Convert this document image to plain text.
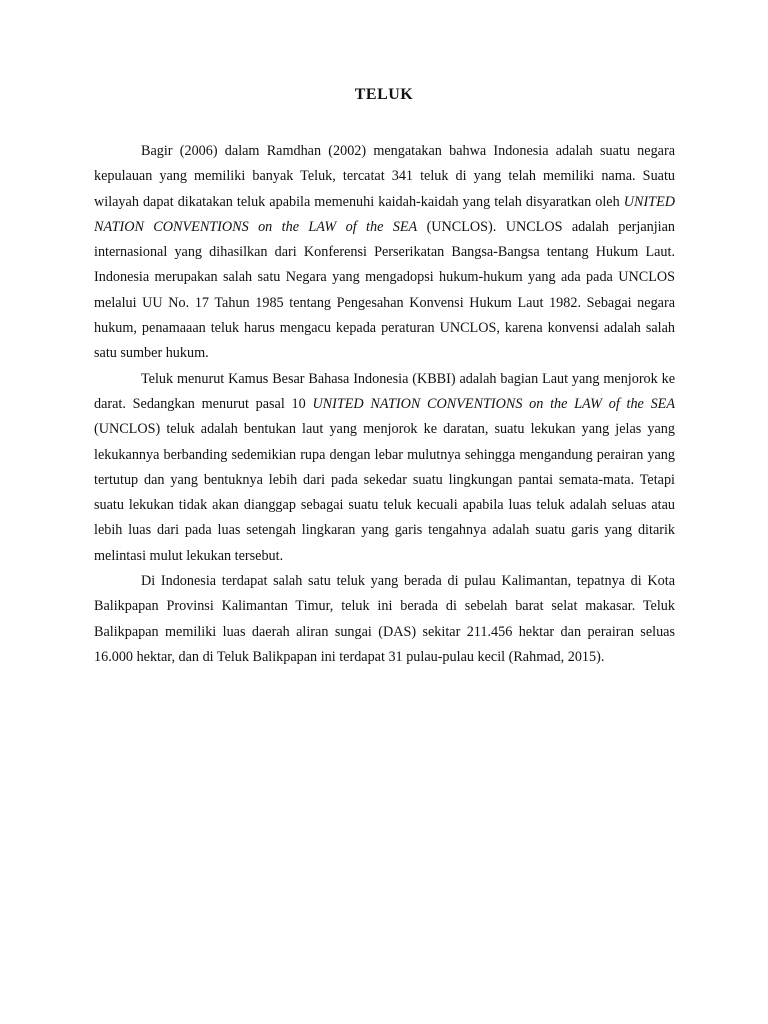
TELUK

Bagir (2006) dalam Ramdhan (2002) mengatakan bahwa Indonesia adalah suatu negara kepulauan yang memiliki banyak Teluk, tercatat 341 teluk di yang telah memiliki nama. Suatu wilayah dapat dikatakan teluk apabila memenuhi kaidah-kaidah yang telah disyaratkan oleh UNITED NATION CONVENTIONS on the LAW of the SEA (UNCLOS). UNCLOS adalah perjanjian internasional yang dihasilkan dari Konferensi Perserikatan Bangsa-Bangsa tentang Hukum Laut. Indonesia merupakan salah satu Negara yang mengadopsi hukum-hukum yang ada pada UNCLOS melalui UU No. 17 Tahun 1985 tentang Pengesahan Konvensi Hukum Laut 1982. Sebagai negara hukum, penamaaan teluk harus mengacu kepada peraturan UNCLOS, karena konvensi adalah salah satu sumber hukum.

Teluk menurut Kamus Besar Bahasa Indonesia (KBBI) adalah bagian Laut yang menjorok ke darat. Sedangkan menurut pasal 10 UNITED NATION CONVENTIONS on the LAW of the SEA (UNCLOS) teluk adalah bentukan laut yang menjorok ke daratan, suatu lekukan yang jelas yang lekukannya berbanding sedemikian rupa dengan lebar mulutnya sehingga mengandung perairan yang tertutup dan yang bentuknya lebih dari pada sekedar suatu lingkungan pantai semata-mata. Tetapi suatu lekukan tidak akan dianggap sebagai suatu teluk kecuali apabila luas teluk adalah seluas atau lebih luas dari pada luas setengah lingkaran yang garis tengahnya adalah suatu garis yang ditarik melintasi mulut lekukan tersebut.

Di Indonesia terdapat salah satu teluk yang berada di pulau Kalimantan, tepatnya di Kota Balikpapan Provinsi Kalimantan Timur, teluk ini berada di sebelah barat selat makasar. Teluk Balikpapan memiliki luas daerah aliran sungai (DAS) sekitar 211.456 hektar dan perairan seluas 16.000 hektar, dan di Teluk Balikpapan ini terdapat 31 pulau-pulau kecil (Rahmad, 2015).
